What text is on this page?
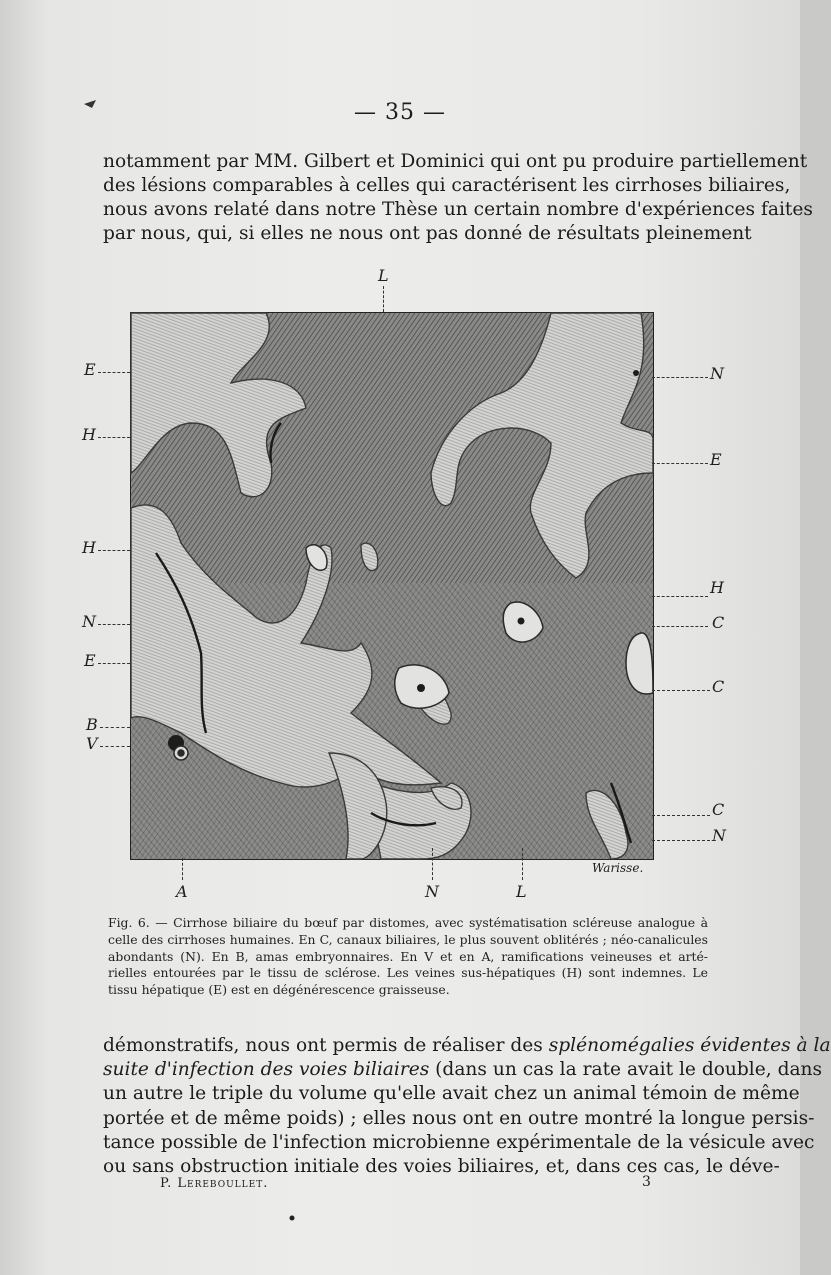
— 35 —

notamment par MM. Gilbert et Dominici qui ont pu produire partiellement
des lésions comparables à celles qui caractérisent les cirrhoses biliaires,
nous avons relaté dans notre Thèse un certain nombre d'expériences faites
par nous, qui, si elles ne nous ont pas donné de résultats pleinement

E
H
H
N
E
B
V
N
E
H
C
C
C
N
L
A	N	L
Warisse.
Fig. 6. — Cirrhose biliaire du bœuf par distomes, avec systématisation scléreuse analogue à
celle des cirrhoses humaines. En C, canaux biliaires, le plus souvent oblitérés ; néo-canalicules
abondants (N). En B, amas embryonnaires. En V et en A, ramifications veineuses et arté-
rielles entourées par le tissu de sclérose. Les veines sus-hépatiques (H) sont indemnes. Le
tissu hépatique (E) est en dégénérescence graisseuse.

démonstratifs, nous ont permis de réaliser des splénomégalies évidentes à la
suite d'infection des voies biliaires (dans un cas la rate avait le double, dans
un autre le triple du volume qu'elle avait chez un animal témoin de même
portée et de même poids) ; elles nous ont en outre montré la longue persis-
tance possible de l'infection microbienne expérimentale de la vésicule avec
ou sans obstruction initiale des voies biliaires, et, dans ces cas, le déve-

P. Lereboullet.	3
